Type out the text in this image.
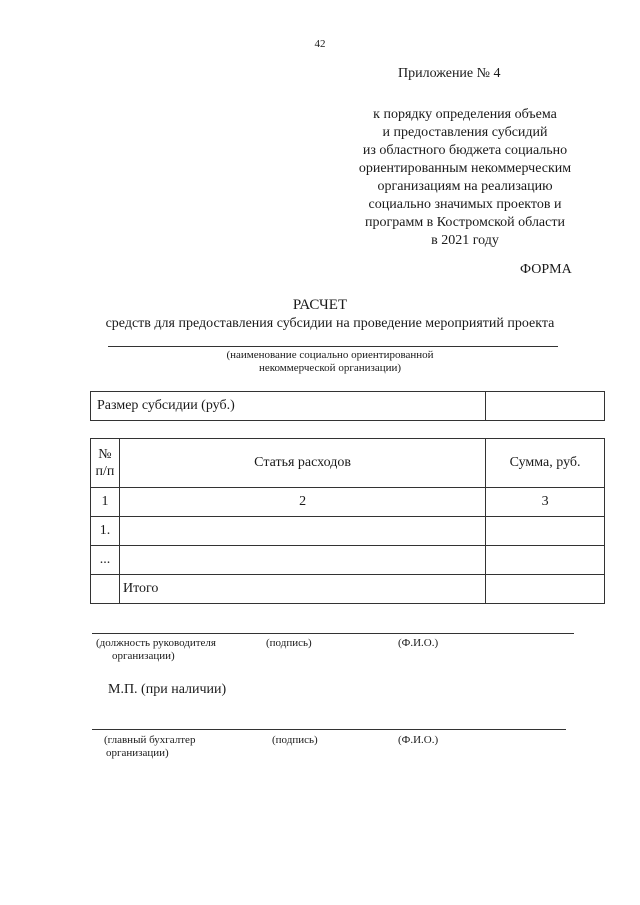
42
Приложение № 4
к порядку определения объема
и предоставления субсидий
из областного бюджета социально
ориентированным некоммерческим
организациям на реализацию
социально значимых проектов и
программ в Костромской области
в 2021 году
ФОРМА
РАСЧЕТ
средств для предоставления субсидии на проведение мероприятий проекта
(наименование социально ориентированной
некоммерческой организации)
Размер субсидии (руб.)	
№
п/п	Статья расходов	Сумма, руб.
1	2	3
1.		
...		
	Итого	
(должность руководителя
организации)
(подпись)	(Ф.И.О.)
М.П. (при наличии)
(главный бухгалтер
организации)
(подпись)	(Ф.И.О.)
